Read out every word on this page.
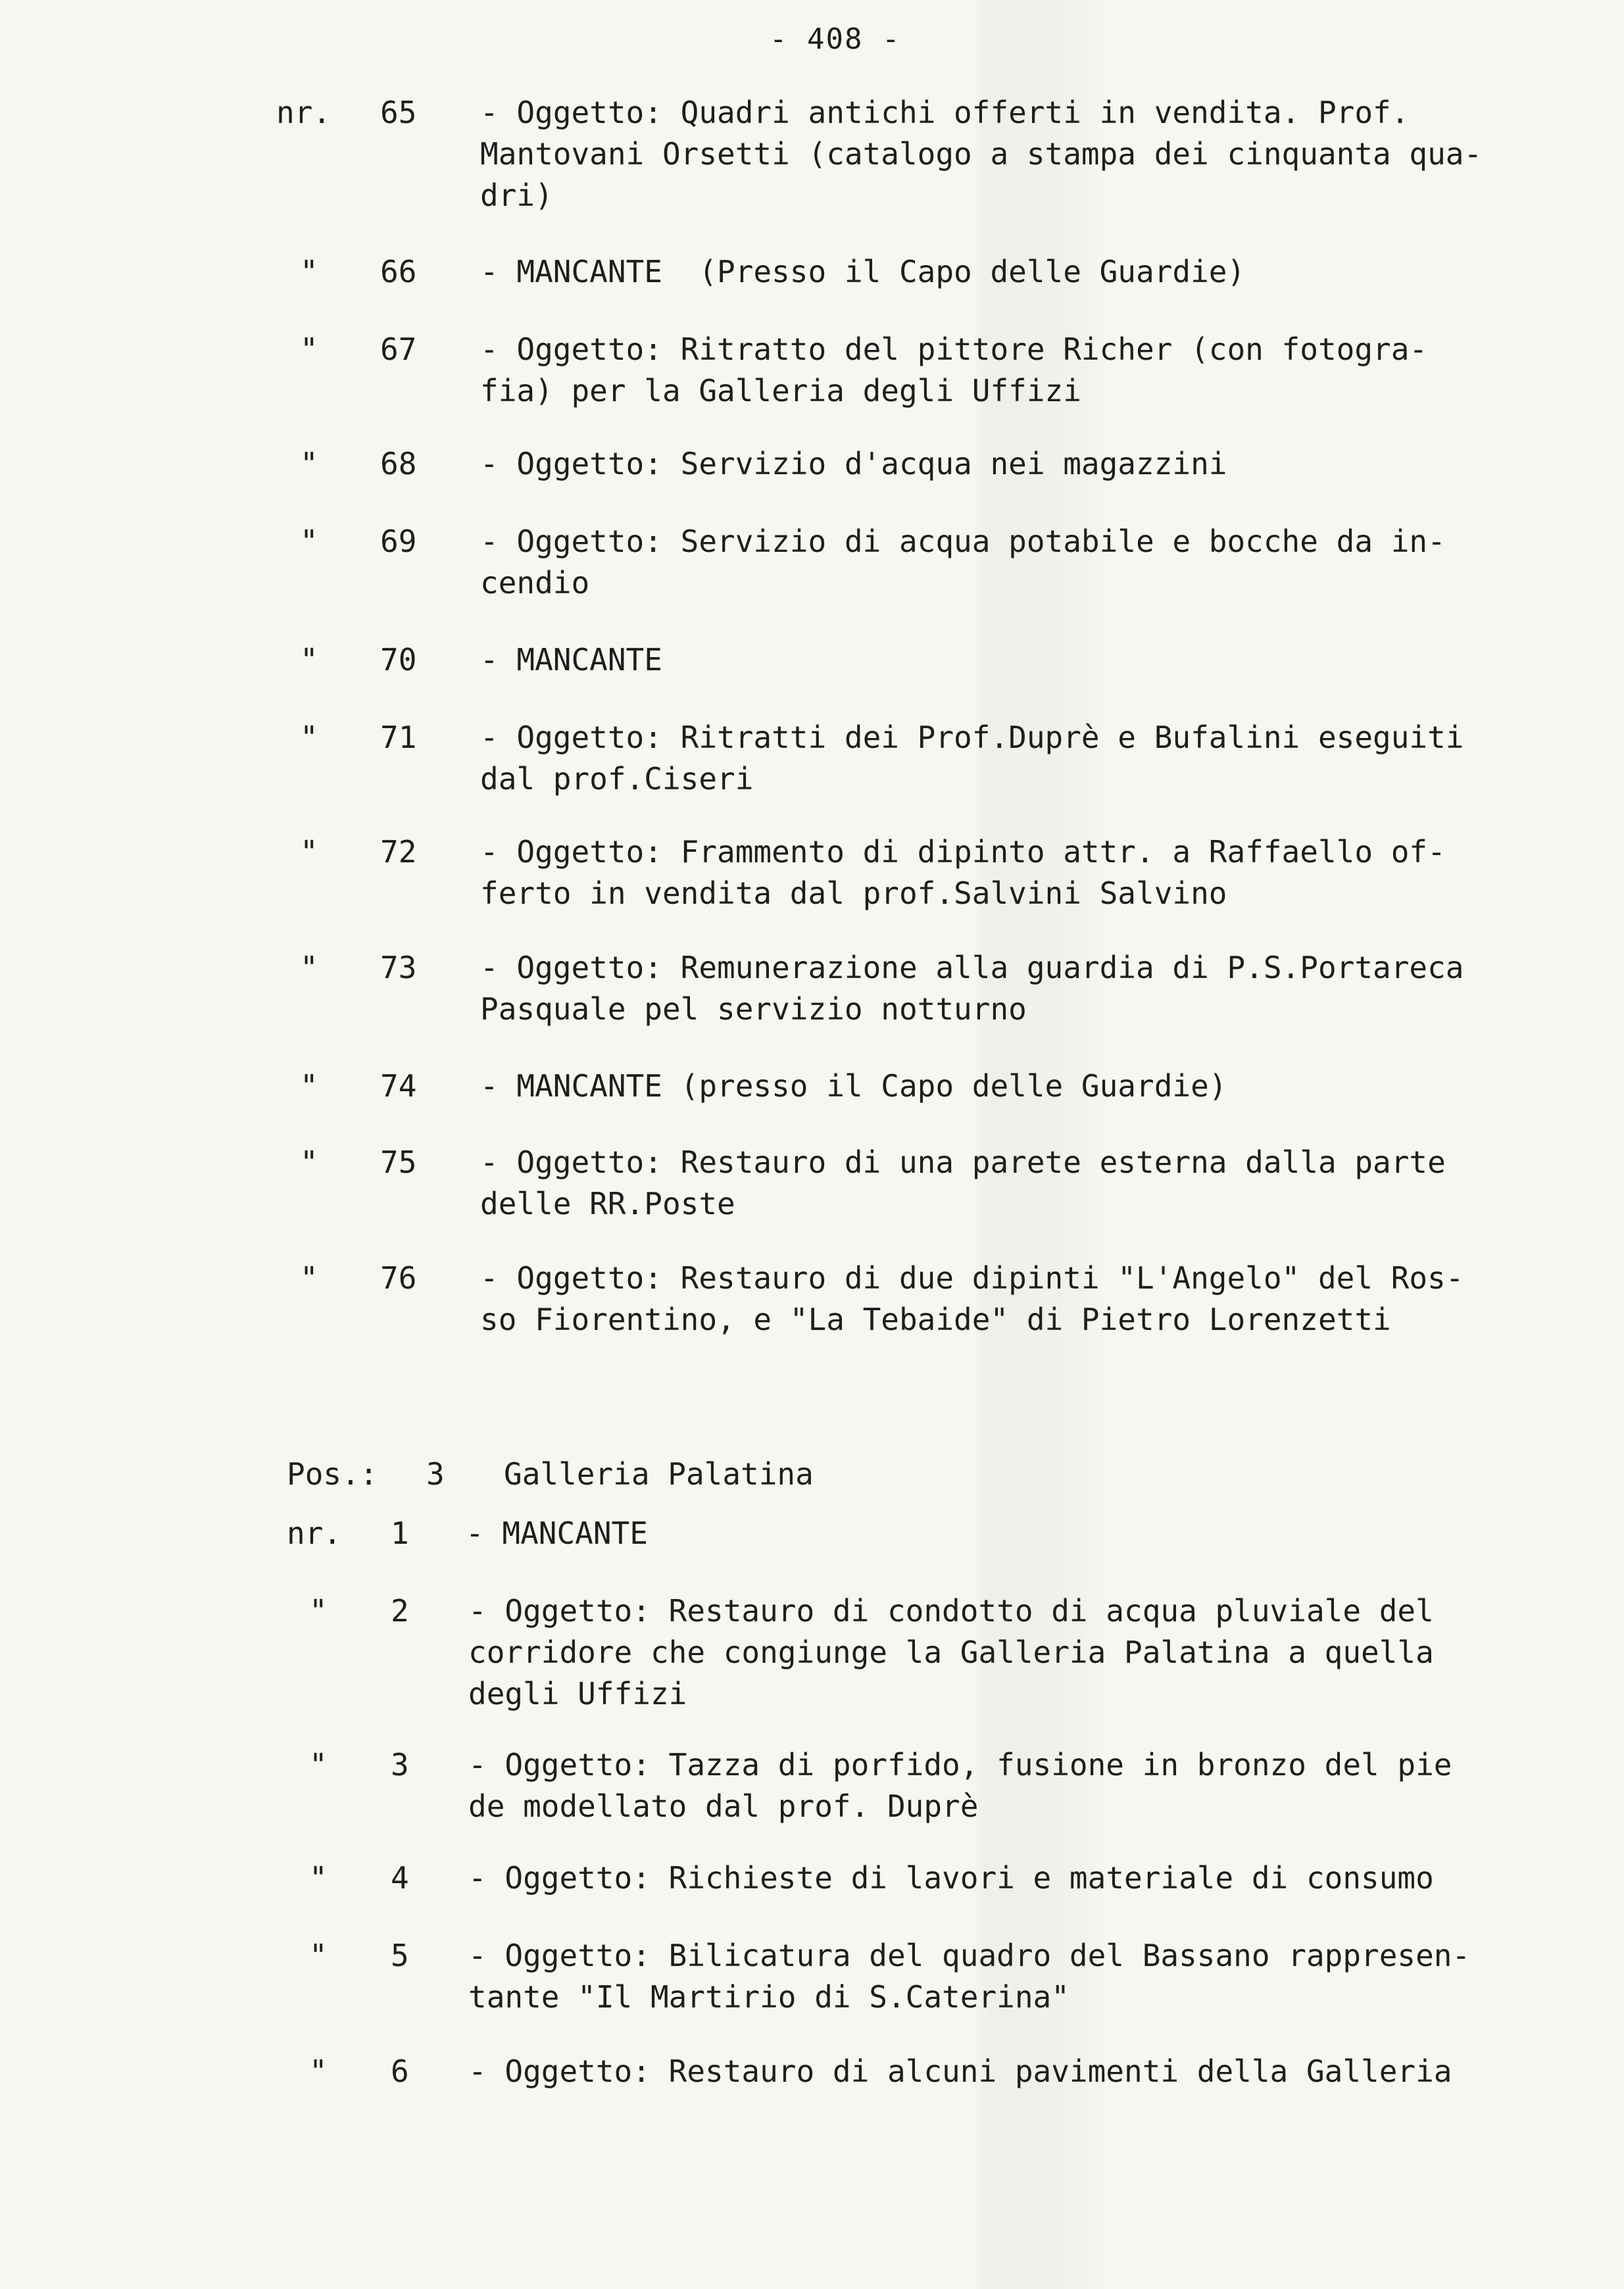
- 408 -
nr. 65 - Oggetto: Quadri antichi offerti in vendita. Prof.
Mantovani Orsetti (catalogo a stampa dei cinquanta qua-
dri)
" 66 - MANCANTE  (Presso il Capo delle Guardie)
" 67 - Oggetto: Ritratto del pittore Richer (con fotogra-
fia) per la Galleria degli Uffizi
" 68 - Oggetto: Servizio d'acqua nei magazzini
" 69 - Oggetto: Servizio di acqua potabile e bocche da in-
cendio
" 70 - MANCANTE
" 71 - Oggetto: Ritratti dei Prof.Duprè e Bufalini eseguiti
dal prof.Ciseri
" 72 - Oggetto: Frammento di dipinto attr. a Raffaello of-
ferto in vendita dal prof.Salvini Salvino
" 73 - Oggetto: Remunerazione alla guardia di P.S.Portareca
Pasquale pel servizio notturno
" 74 - MANCANTE (presso il Capo delle Guardie)
" 75 - Oggetto: Restauro di una parete esterna dalla parte
delle RR.Poste
" 76 - Oggetto: Restauro di due dipinti "L'Angelo" del Ros-
so Fiorentino, e "La Tebaide" di Pietro Lorenzetti
Pos.: 3 Galleria Palatina
nr. 1 - MANCANTE
" 2 - Oggetto: Restauro di condotto di acqua pluviale del
corridore che congiunge la Galleria Palatina a quella
degli Uffizi
" 3 - Oggetto: Tazza di porfido, fusione in bronzo del pie
de modellato dal prof. Duprè
" 4 - Oggetto: Richieste di lavori e materiale di consumo
" 5 - Oggetto: Bilicatura del quadro del Bassano rappresen-
tante "Il Martirio di S.Caterina"
" 6 - Oggetto: Restauro di alcuni pavimenti della Galleria
